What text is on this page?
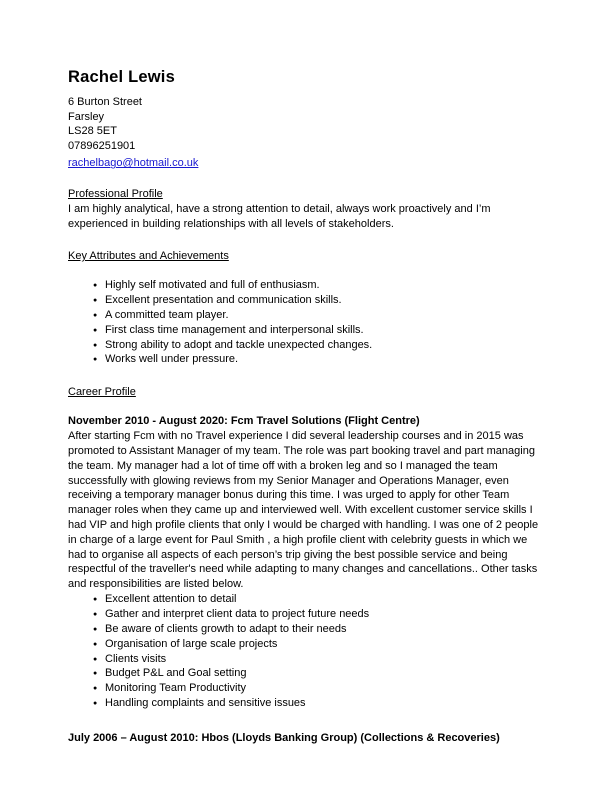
Rachel Lewis
6 Burton Street
Farsley
LS28 5ET
07896251901
rachelbago@hotmail.co.uk
Professional Profile
I am highly analytical, have a strong attention to detail, always work proactively and I’m experienced in building relationships with all levels of stakeholders.
Key Attributes and Achievements
● Highly self motivated and full of enthusiasm.
● Excellent presentation and communication skills.
● A committed team player.
● First class time management and interpersonal skills.
● Strong ability to adopt and tackle unexpected changes.
● Works well under pressure.
Career Profile
November 2010 - August 2020: Fcm Travel Solutions (Flight Centre)
After starting Fcm with no Travel experience I did several leadership courses and in 2015 was promoted to Assistant Manager of my team. The role was part booking travel and part managing the team. My manager had a lot of time off with a broken leg and so I managed the team successfully with glowing reviews from my Senior Manager and Operations Manager, even receiving a temporary manager bonus during this time. I was urged to apply for other Team manager roles when they came up and interviewed well. With excellent customer service skills I had VIP and high profile clients that only I would be charged with handling. I was one of 2 people in charge of a large event for Paul Smith , a high profile client with celebrity guests in which we had to organise all aspects of each person’s trip giving the best possible service and being respectful of the traveller's need while adapting to many changes and cancellations.. Other tasks and responsibilities are listed below.
● Excellent attention to detail
● Gather and interpret client data to project future needs
● Be aware of clients growth to adapt to their needs
● Organisation of large scale projects
● Clients visits
● Budget P&L and Goal setting
● Monitoring Team Productivity
● Handling complaints and sensitive issues
July 2006 – August 2010: Hbos (Lloyds Banking Group) (Collections & Recoveries)
